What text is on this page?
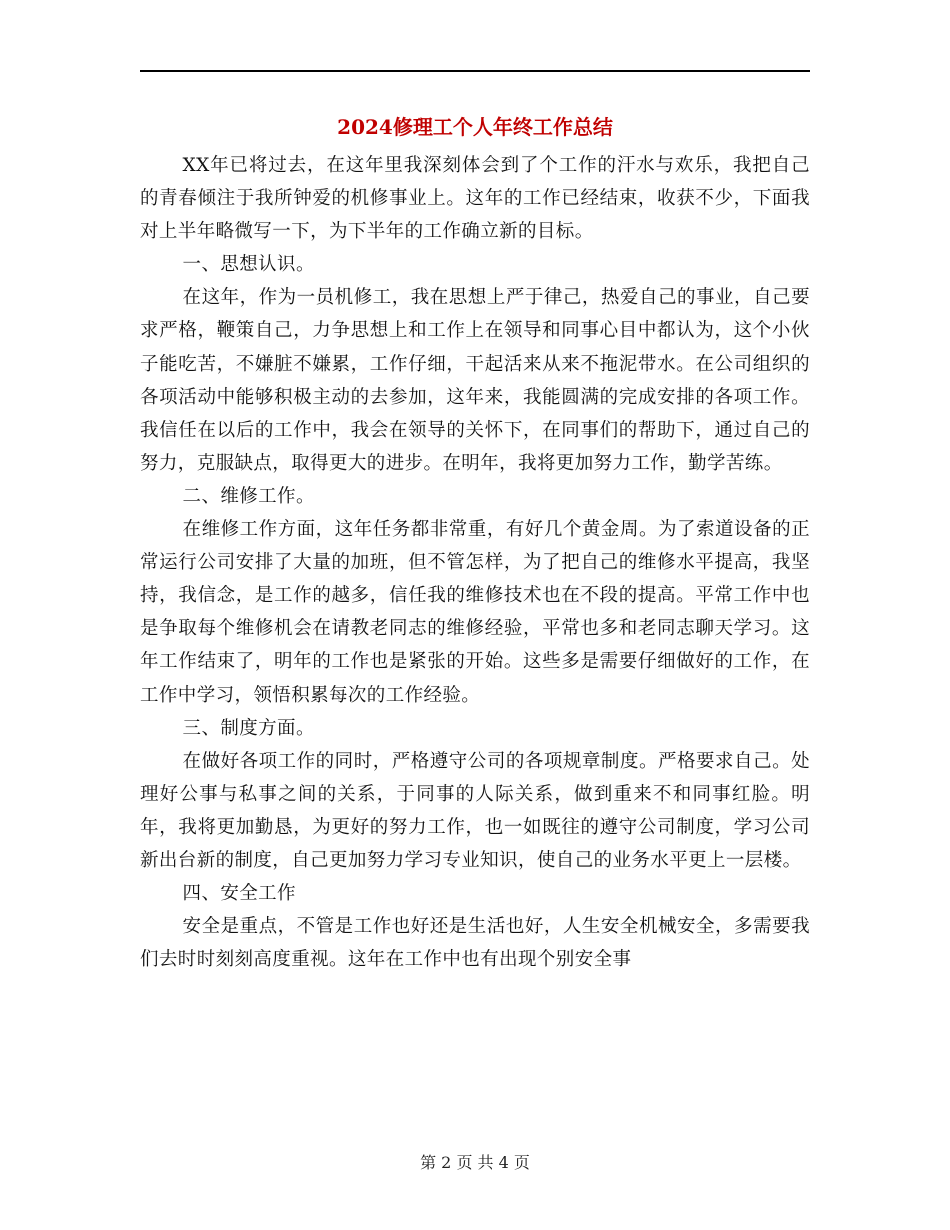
2024修理工个人年终工作总结

XX年已将过去，在这年里我深刻体会到了个工作的汗水与欢乐，我把自己的青春倾注于我所钟爱的机修事业上。这年的工作已经结束，收获不少，下面我对上半年略微写一下，为下半年的工作确立新的目标。

一、思想认识。

在这年，作为一员机修工，我在思想上严于律己，热爱自己的事业，自己要求严格，鞭策自己，力争思想上和工作上在领导和同事心目中都认为，这个小伙子能吃苦，不嫌脏不嫌累，工作仔细，干起活来从来不拖泥带水。在公司组织的各项活动中能够积极主动的去参加，这年来，我能圆满的完成安排的各项工作。我信任在以后的工作中，我会在领导的关怀下，在同事们的帮助下，通过自己的努力，克服缺点，取得更大的进步。在明年，我将更加努力工作，勤学苦练。

二、维修工作。

在维修工作方面，这年任务都非常重，有好几个黄金周。为了索道设备的正常运行公司安排了大量的加班，但不管怎样，为了把自己的维修水平提高，我坚持，我信念，是工作的越多，信任我的维修技术也在不段的提高。平常工作中也是争取每个维修机会在请教老同志的维修经验，平常也多和老同志聊天学习。这年工作结束了，明年的工作也是紧张的开始。这些多是需要仔细做好的工作，在工作中学习，领悟积累每次的工作经验。

三、制度方面。

在做好各项工作的同时，严格遵守公司的各项规章制度。严格要求自己。处理好公事与私事之间的关系，于同事的人际关系，做到重来不和同事红脸。明年，我将更加勤恳，为更好的努力工作，也一如既往的遵守公司制度，学习公司新出台新的制度，自己更加努力学习专业知识，使自己的业务水平更上一层楼。

四、安全工作

安全是重点，不管是工作也好还是生活也好，人生安全机械安全，多需要我们去时时刻刻高度重视。这年在工作中也有出现个别安全事

第 2 页 共 4 页
